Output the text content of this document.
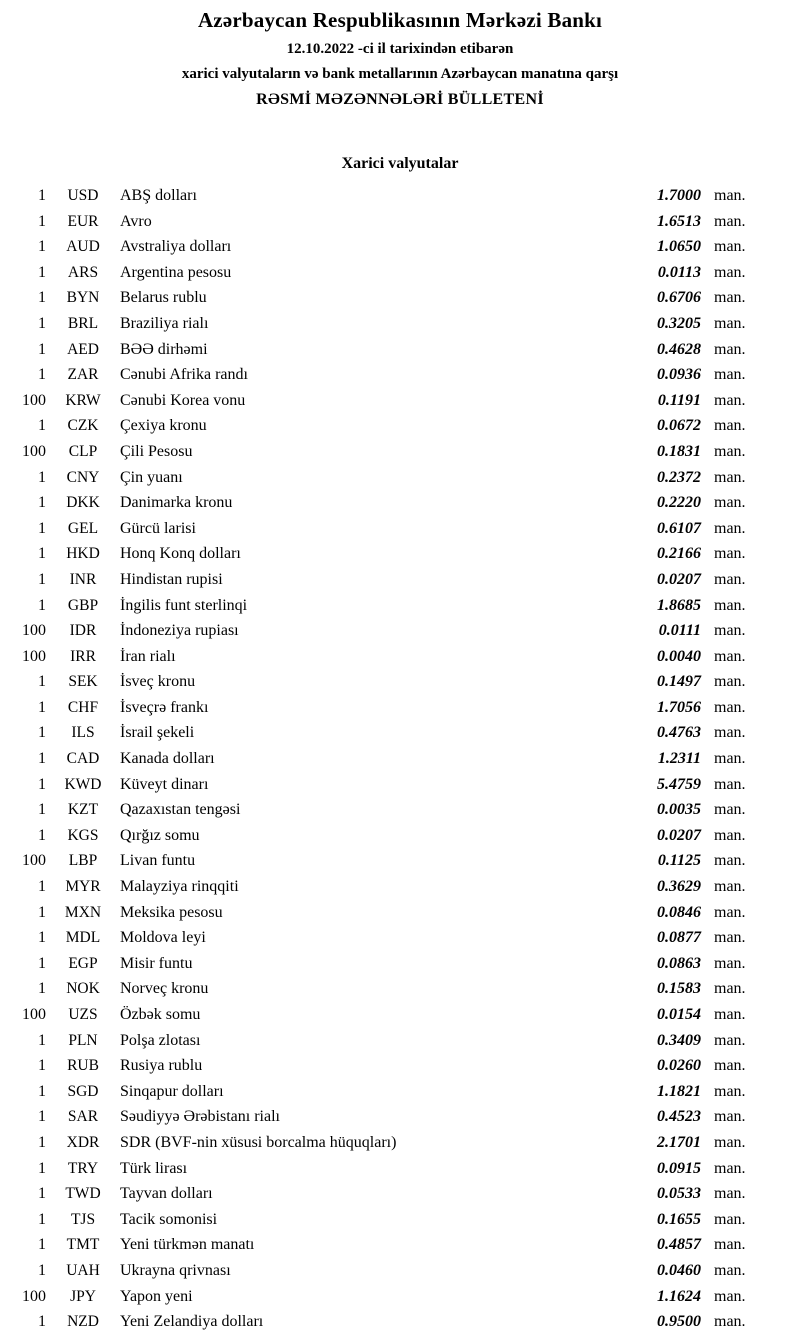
Azərbaycan Respublikasının Mərkəzi Bankı
12.10.2022 -ci il tarixindən etibarən
xarici valyutaların və bank metallarının Azərbaycan manatına qarşı
RƏSMİ MƏZƏNNƏLƏRİ BÜLLETENİ
Xarici valyutalar
1	USD	ABŞ dolları	1.7000 man.
1	EUR	Avro	1.6513 man.
1	AUD	Avstraliya dolları	1.0650 man.
1	ARS	Argentina pesosu	0.0113 man.
1	BYN	Belarus rublu	0.6706 man.
1	BRL	Braziliya rialı	0.3205 man.
1	AED	BƏƏ dirhəmi	0.4628 man.
1	ZAR	Cənubi Afrika randı	0.0936 man.
100	KRW	Cənubi Korea vonu	0.1191 man.
1	CZK	Çexiya kronu	0.0672 man.
100	CLP	Çili Pesosu	0.1831 man.
1	CNY	Çin yuanı	0.2372 man.
1	DKK	Danimarka kronu	0.2220 man.
1	GEL	Gürcü larisi	0.6107 man.
1	HKD	Honq Konq dolları	0.2166 man.
1	INR	Hindistan rupisi	0.0207 man.
1	GBP	İngilis funt sterlinqi	1.8685 man.
100	IDR	İndoneziya rupiası	0.0111 man.
100	IRR	İran rialı	0.0040 man.
1	SEK	İsveç kronu	0.1497 man.
1	CHF	İsveçrə frankı	1.7056 man.
1	ILS	İsrail şekeli	0.4763 man.
1	CAD	Kanada dolları	1.2311 man.
1	KWD	Küveyt dinarı	5.4759 man.
1	KZT	Qazaxıstan tengəsi	0.0035 man.
1	KGS	Qırğız somu	0.0207 man.
100	LBP	Livan funtu	0.1125 man.
1	MYR	Malayziya rinqqiti	0.3629 man.
1	MXN	Meksika pesosu	0.0846 man.
1	MDL	Moldova leyi	0.0877 man.
1	EGP	Misir funtu	0.0863 man.
1	NOK	Norveç kronu	0.1583 man.
100	UZS	Özbək somu	0.0154 man.
1	PLN	Polşa zlotası	0.3409 man.
1	RUB	Rusiya rublu	0.0260 man.
1	SGD	Sinqapur dolları	1.1821 man.
1	SAR	Səudiyyə Ərəbistanı rialı	0.4523 man.
1	XDR	SDR (BVF-nin xüsusi borcalma hüquqları)	2.1701 man.
1	TRY	Türk lirası	0.0915 man.
1	TWD	Tayvan dolları	0.0533 man.
1	TJS	Tacik somonisi	0.1655 man.
1	TMT	Yeni türkmən manatı	0.4857 man.
1	UAH	Ukrayna qrivnası	0.0460 man.
100	JPY	Yapon yeni	1.1624 man.
1	NZD	Yeni Zelandiya dolları	0.9500 man.
